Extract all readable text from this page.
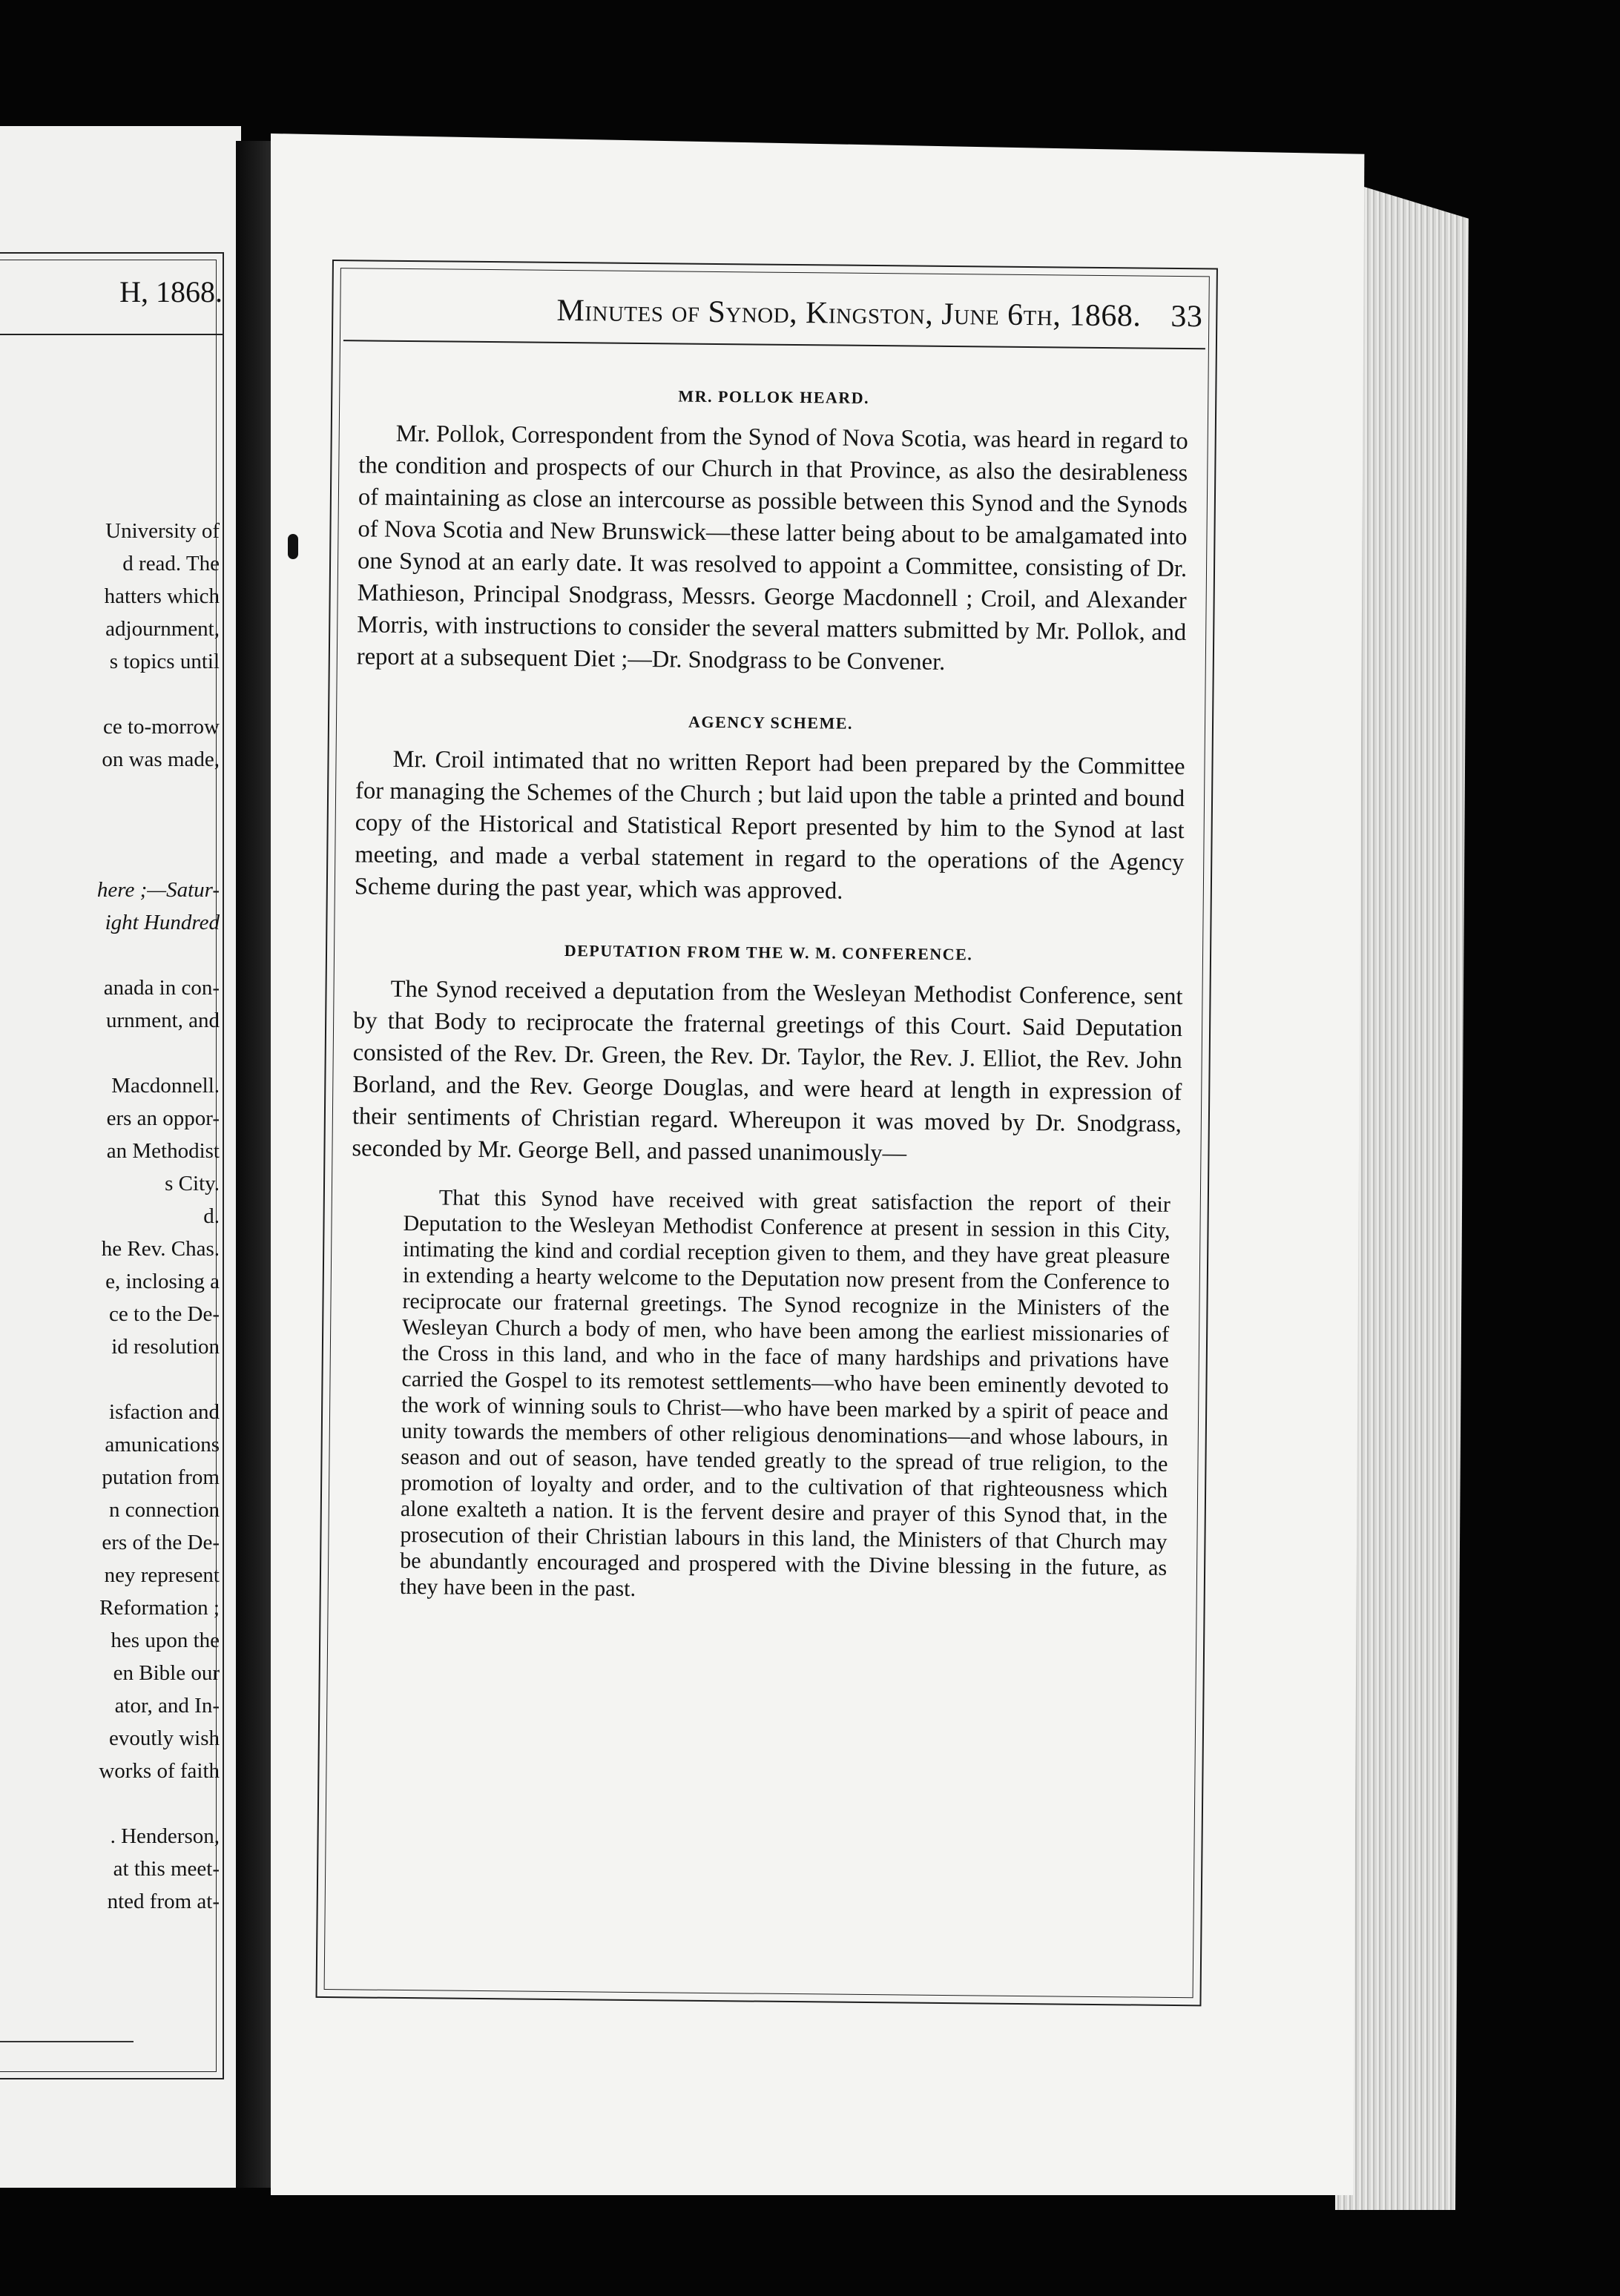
H, 1868.
University of
d read. The
hatters which
adjournment,
s topics until
ce to-morrow
on was made,
here ;—Satur-
ight Hundred
anada in con-
urnment, and
Macdonnell.
ers an oppor-
an Methodist
s City.
d.
he Rev. Chas.
e, inclosing a
ce to the De-
id resolution
isfaction and
amunications
putation from
n connection
ers of the De-
ney represent
Reformation ;
hes upon the
en Bible our
ator, and In-
evoutly wish
works of faith
. Henderson,
at this meet-
nted from at-
Minutes of Synod, Kingston, June 6th, 1868. 33
MR. POLLOK HEARD.

Mr. Pollok, Correspondent from the Synod of Nova Scotia, was heard in regard to the condition and prospects of our Church in that Province, as also the desirableness of maintaining as close an intercourse as possible between this Synod and the Synods of Nova Scotia and New Brunswick—these latter being about to be amalgamated into one Synod at an early date. It was resolved to appoint a Committee, consisting of Dr. Mathieson, Principal Snodgrass, Messrs. George Macdonnell ; Croil, and Alexander Morris, with instructions to consider the several matters submitted by Mr. Pollok, and report at a subsequent Diet ;—Dr. Snodgrass to be Convener.

AGENCY SCHEME.

Mr. Croil intimated that no written Report had been prepared by the Committee for managing the Schemes of the Church ; but laid upon the table a printed and bound copy of the Historical and Statistical Report presented by him to the Synod at last meeting, and made a verbal statement in regard to the operations of the Agency Scheme during the past year, which was approved.

DEPUTATION FROM THE W. M. CONFERENCE.

The Synod received a deputation from the Wesleyan Methodist Conference, sent by that Body to reciprocate the fraternal greetings of this Court. Said Deputation consisted of the Rev. Dr. Green, the Rev. Dr. Taylor, the Rev. J. Elliot, the Rev. John Borland, and the Rev. George Douglas, and were heard at length in expression of their sentiments of Christian regard. Whereupon it was moved by Dr. Snodgrass, seconded by Mr. George Bell, and passed unanimously—

That this Synod have received with great satisfaction the report of their Deputation to the Wesleyan Methodist Conference at present in session in this City, intimating the kind and cordial reception given to them, and they have great pleasure in extending a hearty welcome to the Deputation now present from the Conference to reciprocate our fraternal greetings. The Synod recognize in the Ministers of the Wesleyan Church a body of men, who have been among the earliest missionaries of the Cross in this land, and who in the face of many hardships and privations have carried the Gospel to its remotest settlements—who have been eminently devoted to the work of winning souls to Christ—who have been marked by a spirit of peace and unity towards the members of other religious denominations—and whose labours, in season and out of season, have tended greatly to the spread of true religion, to the promotion of loyalty and order, and to the cultivation of that righteousness which alone exalteth a nation. It is the fervent desire and prayer of this Synod that, in the prosecution of their Christian labours in this land, the Ministers of that Church may be abundantly encouraged and prospered with the Divine blessing in the future, as they have been in the past.
